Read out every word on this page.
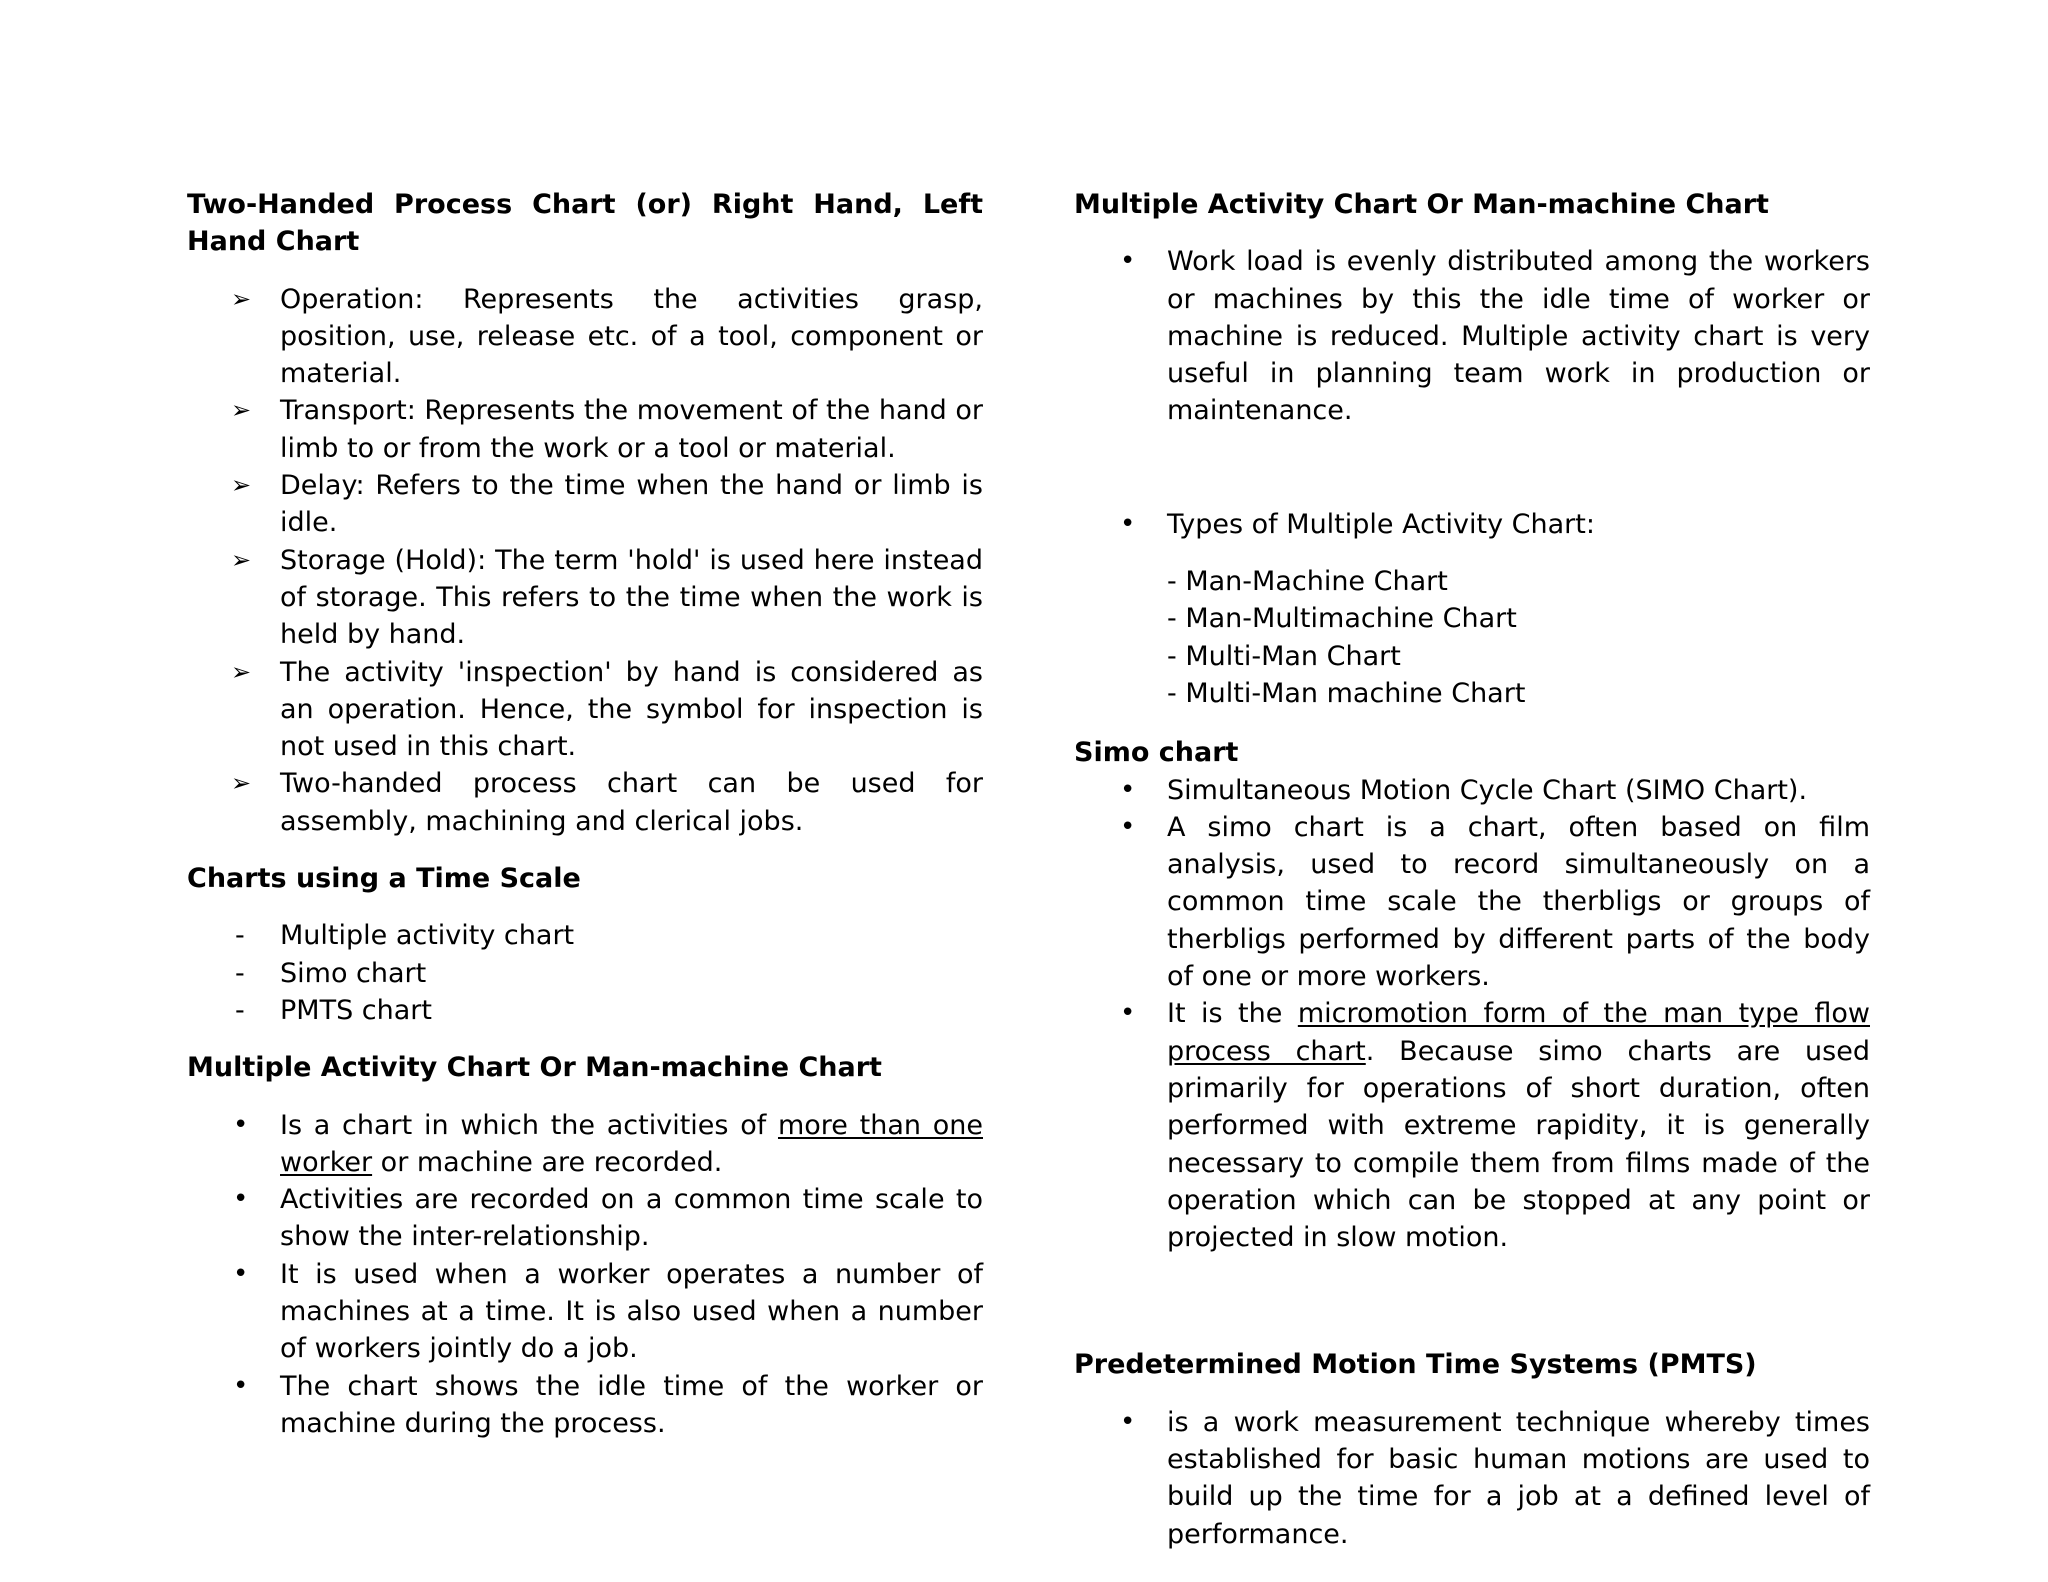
Two-Handed Process Chart (or) Right Hand, Left Hand Chart
➢	Operation: Represents the activities grasp, position, use, release etc. of a tool, component or material.
➢	Transport: Represents the movement of the hand or limb to or from the work or a tool or material.
➢	Delay: Refers to the time when the hand or limb is idle.
➢	Storage (Hold): The term 'hold' is used here instead of storage. This refers to the time when the work is held by hand.
➢	The activity 'inspection' by hand is considered as an operation. Hence, the symbol for inspection is not used in this chart.
➢	Two-handed process chart can be used for assembly, machining and clerical jobs.
Charts using a Time Scale
-	Multiple activity chart
-	Simo chart
-	PMTS chart
Multiple Activity Chart Or Man-machine Chart
•	Is a chart in which the activities of more than one worker or machine are recorded.
•	Activities are recorded on a common time scale to show the inter-relationship.
•	It is used when a worker operates a number of machines at a time. It is also used when a number of workers jointly do a job.
•	The chart shows the idle time of the worker or machine during the process.
Multiple Activity Chart Or Man-machine Chart
•	Work load is evenly distributed among the workers or machines by this the idle time of worker or machine is reduced. Multiple activity chart is very useful in planning team work in production or maintenance.
•	Types of Multiple Activity Chart:
- Man-Machine Chart
- Man-Multimachine Chart
- Multi-Man Chart
- Multi-Man machine Chart
Simo chart
•	Simultaneous Motion Cycle Chart (SIMO Chart).
•	A simo chart is a chart, often based on film analysis, used to record simultaneously on a common time scale the therbligs or groups of therbligs performed by different parts of the body of one or more workers.
•	It is the micromotion form of the man type flow process chart. Because simo charts are used primarily for operations of short duration, often performed with extreme rapidity, it is generally necessary to compile them from films made of the operation which can be stopped at any point or projected in slow motion.
Predetermined Motion Time Systems (PMTS)
•	is a work measurement technique whereby times established for basic human motions are used to build up the time for a job at a defined level of performance.
